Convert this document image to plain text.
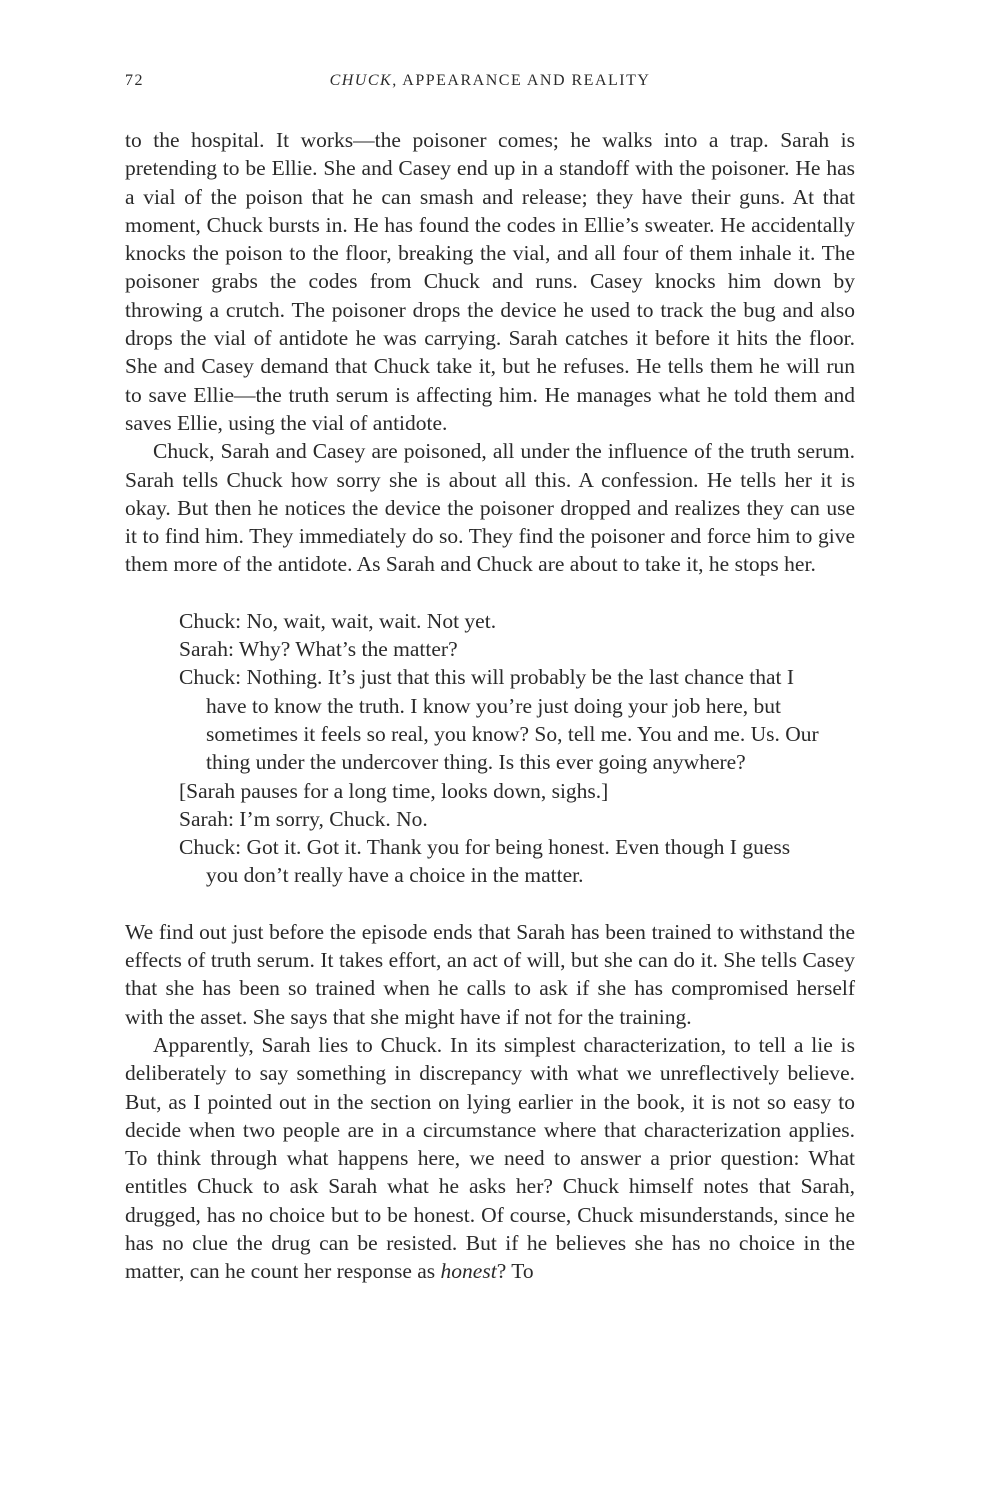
72	CHUCK, APPEARANCE AND REALITY

to the hospital. It works—the poisoner comes; he walks into a trap. Sarah is pretending to be Ellie. She and Casey end up in a standoff with the poisoner. He has a vial of the poison that he can smash and release; they have their guns. At that moment, Chuck bursts in. He has found the codes in Ellie’s sweater. He accidentally knocks the poison to the floor, breaking the vial, and all four of them inhale it. The poisoner grabs the codes from Chuck and runs. Casey knocks him down by throwing a crutch. The poisoner drops the device he used to track the bug and also drops the vial of antidote he was carrying. Sarah catches it before it hits the floor. She and Casey demand that Chuck take it, but he refuses. He tells them he will run to save Ellie—the truth serum is affecting him. He manages what he told them and saves Ellie, using the vial of antidote.

Chuck, Sarah and Casey are poisoned, all under the influence of the truth serum. Sarah tells Chuck how sorry she is about all this. A confession. He tells her it is okay. But then he notices the device the poisoner dropped and realizes they can use it to find him. They immediately do so. They find the poisoner and force him to give them more of the antidote. As Sarah and Chuck are about to take it, he stops her.

Chuck: No, wait, wait, wait. Not yet.
Sarah: Why? What’s the matter?
Chuck: Nothing. It’s just that this will probably be the last chance that I have to know the truth. I know you’re just doing your job here, but sometimes it feels so real, you know? So, tell me. You and me. Us. Our thing under the undercover thing. Is this ever going anywhere?
[Sarah pauses for a long time, looks down, sighs.]
Sarah: I’m sorry, Chuck. No.
Chuck: Got it. Got it. Thank you for being honest. Even though I guess you don’t really have a choice in the matter.

We find out just before the episode ends that Sarah has been trained to withstand the effects of truth serum. It takes effort, an act of will, but she can do it. She tells Casey that she has been so trained when he calls to ask if she has compromised herself with the asset. She says that she might have if not for the training.

Apparently, Sarah lies to Chuck. In its simplest characterization, to tell a lie is deliberately to say something in discrepancy with what we unreflectively believe. But, as I pointed out in the section on lying earlier in the book, it is not so easy to decide when two people are in a circumstance where that characterization applies. To think through what happens here, we need to answer a prior question: What entitles Chuck to ask Sarah what he asks her? Chuck himself notes that Sarah, drugged, has no choice but to be honest. Of course, Chuck misunderstands, since he has no clue the drug can be resisted. But if he believes she has no choice in the matter, can he count her response as honest? To
